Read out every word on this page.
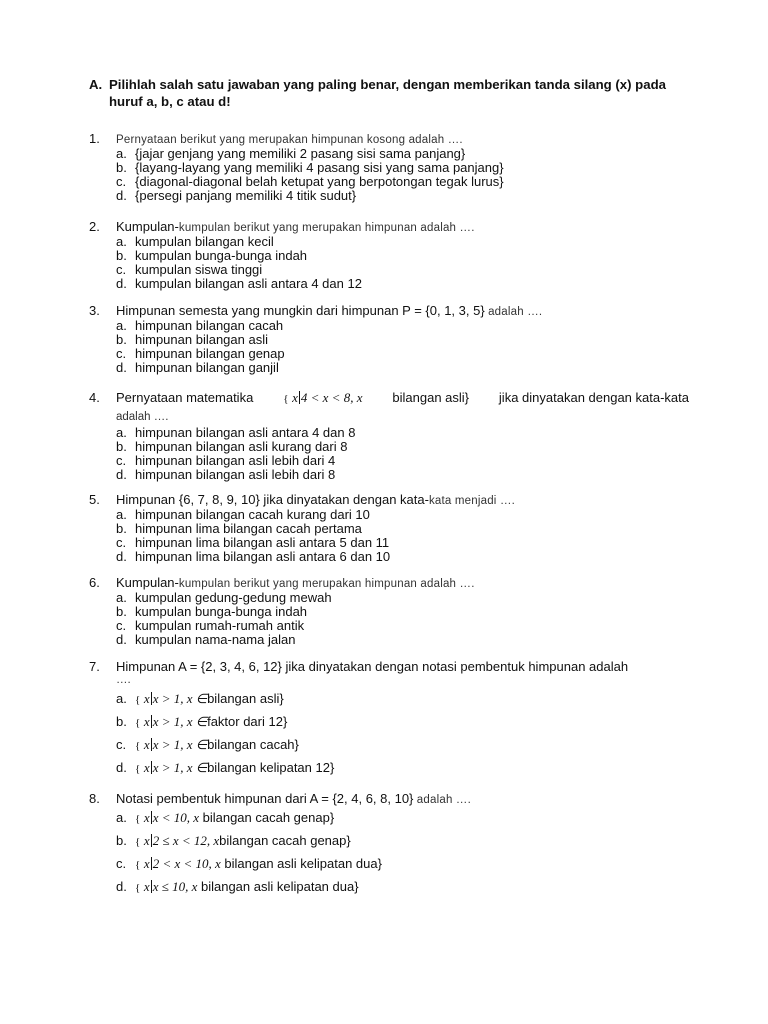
A. Pilihlah salah satu jawaban yang paling benar, dengan memberikan tanda silang (x) pada huruf a, b, c atau d!
1.	Pernyataan berikut yang merupakan himpunan kosong adalah ….
a. {jajar genjang yang memiliki 2 pasang sisi sama panjang}
b. {layang-layang yang memiliki 4 pasang sisi yang sama panjang}
c. {diagonal-diagonal belah ketupat yang berpotongan tegak lurus}
d. {persegi panjang memiliki 4 titik sudut}
2.	Kumpulan-kumpulan berikut yang merupakan himpunan adalah ….
a. kumpulan bilangan kecil
b. kumpulan bunga-bunga indah
c. kumpulan siswa tinggi
d. kumpulan bilangan asli antara 4 dan 12
3.	Himpunan semesta yang mungkin dari himpunan P = {0, 1, 3, 5} adalah ….
a. himpunan bilangan cacah
b. himpunan bilangan asli
c. himpunan bilangan genap
d. himpunan bilangan ganjil
4.	Pernyataan matematika	{ x 4 < x < 8, x bilangan asli} jika dinyatakan dengan kata-kata
adalah ….
a. himpunan bilangan asli antara 4 dan 8
b. himpunan bilangan asli kurang dari 8
c. himpunan bilangan asli lebih dari 4
d. himpunan bilangan asli lebih dari 8
5.	Himpunan {6, 7, 8, 9, 10} jika dinyatakan dengan kata-kata menjadi ….
a. himpunan bilangan cacah kurang dari 10
b. himpunan lima bilangan cacah pertama
c. himpunan lima bilangan asli antara 5 dan 11
d. himpunan lima bilangan asli antara 6 dan 10
6.	Kumpulan-kumpulan berikut yang merupakan himpunan adalah ….
a. kumpulan gedung-gedung mewah
b. kumpulan bunga-bunga indah
c. kumpulan rumah-rumah antik
d. kumpulan nama-nama jalan
7.	Himpunan A = {2, 3, 4, 6, 12} jika dinyatakan dengan notasi pembentuk himpunan adalah
….
a. { x x > 1, x ∈bilangan asli}
b. { x x > 1, x ∈faktor dari 12}
c. { x x > 1, x ∈bilangan cacah}
d. { x x > 1, x ∈bilangan kelipatan 12}
8.	Notasi pembentuk himpunan dari A = {2, 4, 6, 8, 10} adalah ….
a. { x x < 10, x bilangan cacah genap}
b. { x 2 ≤ x < 12, xbilangan cacah genap}
c. { x 2 < x < 10, x bilangan asli kelipatan dua}
d. { x x ≤ 10, x bilangan asli kelipatan dua}
